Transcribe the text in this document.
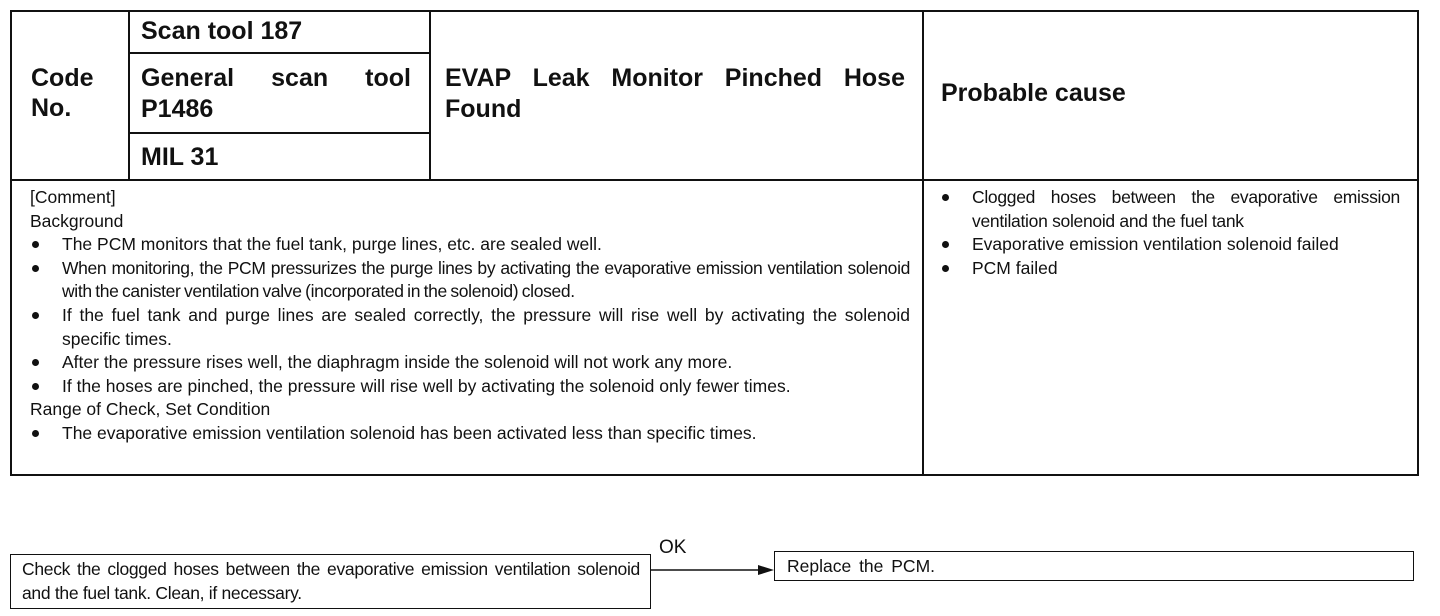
Code No.
Scan tool 187
General scan tool P1486
MIL 31
EVAP Leak Monitor Pinched Hose Found
Probable cause
[Comment]
Background
The PCM monitors that the fuel tank, purge lines, etc. are sealed well.
When monitoring, the PCM pressurizes the purge lines by activating the evaporative emission ventilation solenoid with the canister ventilation valve (incorporated in the solenoid) closed.
If the fuel tank and purge lines are sealed correctly, the pressure will rise well by activating the solenoid specific times.
After the pressure rises well, the diaphragm inside the solenoid will not work any more.
If the hoses are pinched, the pressure will rise well by activating the solenoid only fewer times.
Range of Check, Set Condition
The evaporative emission ventilation solenoid has been activated less than specific times.
Clogged hoses between the evaporative emission ventilation solenoid and the fuel tank
Evaporative emission ventilation solenoid failed
PCM failed
Check the clogged hoses between the evaporative emission ventilation solenoid and the fuel tank. Clean, if necessary.
OK
Replace the PCM.
